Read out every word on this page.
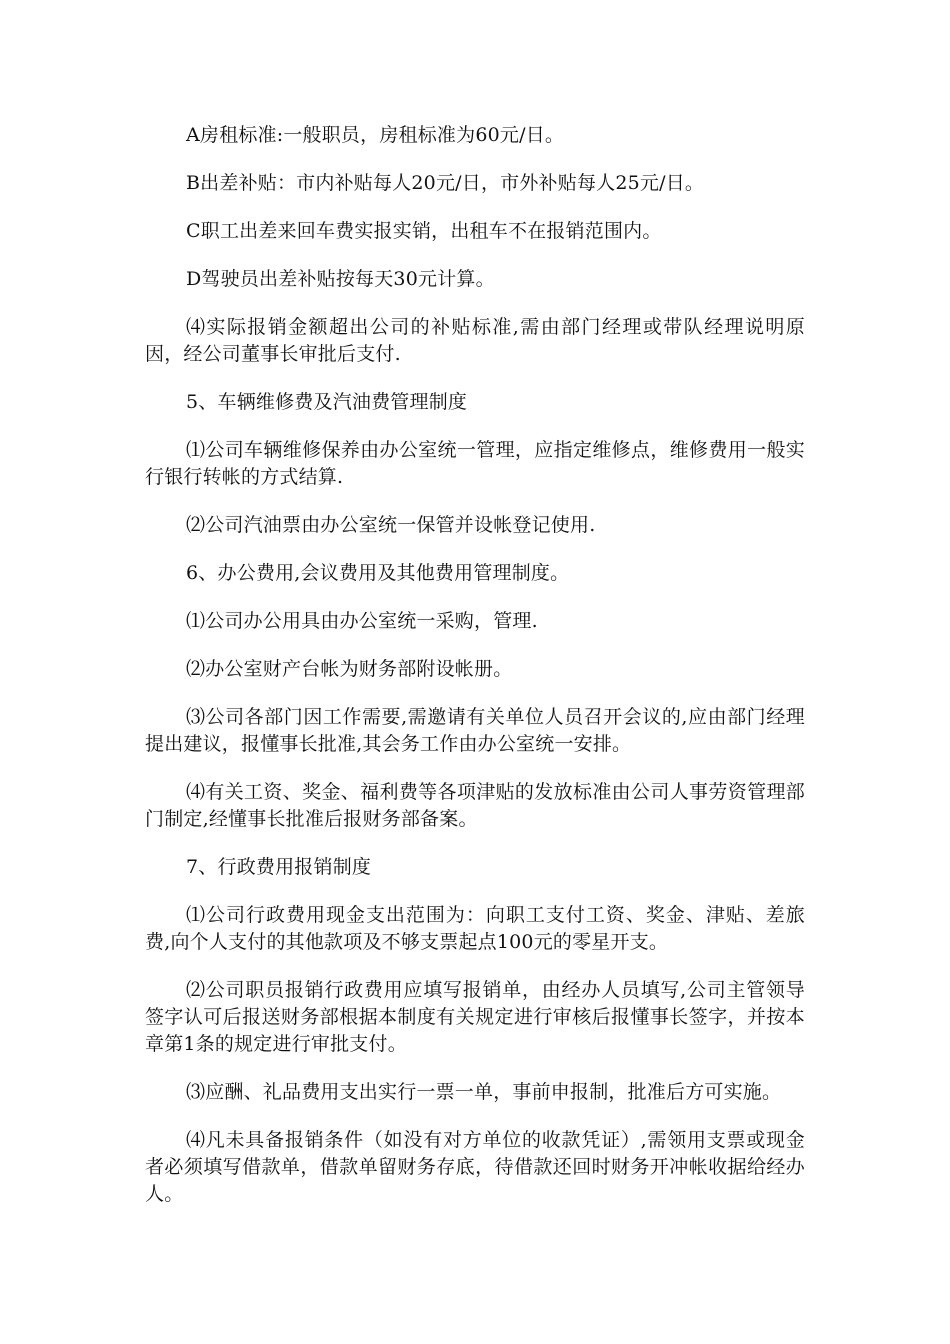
A房租标准:一般职员，房租标准为60元/日。

B出差补贴：市内补贴每人20元/日，市外补贴每人25元/日。

C职工出差来回车费实报实销，出租车不在报销范围内。

D驾驶员出差补贴按每天30元计算。

⑷实际报销金额超出公司的补贴标准,需由部门经理或带队经理说明原因，经公司董事长审批后支付.

5、车辆维修费及汽油费管理制度

⑴公司车辆维修保养由办公室统一管理，应指定维修点，维修费用一般实行银行转帐的方式结算.

⑵公司汽油票由办公室统一保管并设帐登记使用.

6、办公费用,会议费用及其他费用管理制度。

⑴公司办公用具由办公室统一采购，管理.

⑵办公室财产台帐为财务部附设帐册。

⑶公司各部门因工作需要,需邀请有关单位人员召开会议的,应由部门经理提出建议，报懂事长批准,其会务工作由办公室统一安排。

⑷有关工资、奖金、福利费等各项津贴的发放标准由公司人事劳资管理部门制定,经懂事长批准后报财务部备案。

7、行政费用报销制度

⑴公司行政费用现金支出范围为：向职工支付工资、奖金、津贴、差旅费,向个人支付的其他款项及不够支票起点100元的零星开支。

⑵公司职员报销行政费用应填写报销单，由经办人员填写,公司主管领导签字认可后报送财务部根据本制度有关规定进行审核后报懂事长签字，并按本章第1条的规定进行审批支付。

⑶应酬、礼品费用支出实行一票一单，事前申报制，批准后方可实施。

⑷凡未具备报销条件（如没有对方单位的收款凭证）,需领用支票或现金者必须填写借款单，借款单留财务存底，待借款还回时财务开冲帐收据给经办人。
